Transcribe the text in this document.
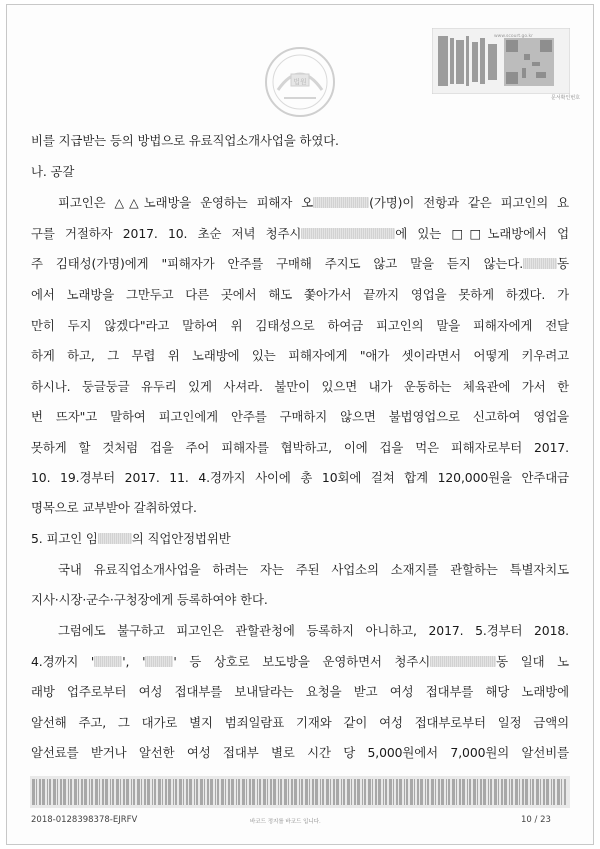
법원
www.scourt.go.kr
문서확인번호
비를 지급받는 등의 방법으로 유료직업소개사업을 하였다.
나. 공갈
피고인은 △△노래방을 운영하는 피해자 오	(가명)이 전항과 같은 피고인의 요
구를 거절하자 2017. 10. 초순 저녁 청주시	에 있는 □□노래방에서 업
주 김태성(가명)에게 "피해자가 안주를 구매해 주지도 않고 말을 듣지 않는다.	동
에서 노래방을 그만두고 다른 곳에서 해도 쫓아가서 끝까지 영업을 못하게 하겠다. 가
만히 두지 않겠다"라고 말하여 위 김태성으로 하여금 피고인의 말을 피해자에게 전달
하게 하고, 그 무렵 위 노래방에 있는 피해자에게 "애가 셋이라면서 어떻게 키우려고
하시나. 둥글둥글 유두리 있게 사셔라. 불만이 있으면 내가 운동하는 체육관에 가서 한
번 뜨자"고 말하여 피고인에게 안주를 구매하지 않으면 불법영업으로 신고하여 영업을
못하게 할 것처럼 겁을 주어 피해자를 협박하고, 이에 겁을 먹은 피해자로부터 2017.
10. 19.경부터 2017. 11. 4.경까지 사이에 총 10회에 걸쳐 합계 120,000원을 안주대금
명목으로 교부받아 갈취하였다.
5. 피고인 임	의 직업안정법위반
국내 유료직업소개사업을 하려는 자는 주된 사업소의 소재지를 관할하는 특별자치도
지사·시장·군수·구청장에게 등록하여야 한다.
그럼에도 불구하고 피고인은 관할관청에 등록하지 아니하고, 2017. 5.경부터 2018.
4.경까지 ' ', ' ' 등 상호로 보도방을 운영하면서 청주시	동 일대 노
래방 업주로부터 여성 접대부를 보내달라는 요청을 받고 여성 접대부를 해당 노래방에
알선해 주고, 그 대가로 별지 범죄일람표 기재와 같이 여성 접대부로부터 일정 금액의
알선료를 받거나 알선한 여성 접대부 별로 시간 당 5,000원에서 7,000원의 알선비를
2018-0128398378-EJRFV	바코드 정지를 바코드 입니다.	10 / 23
